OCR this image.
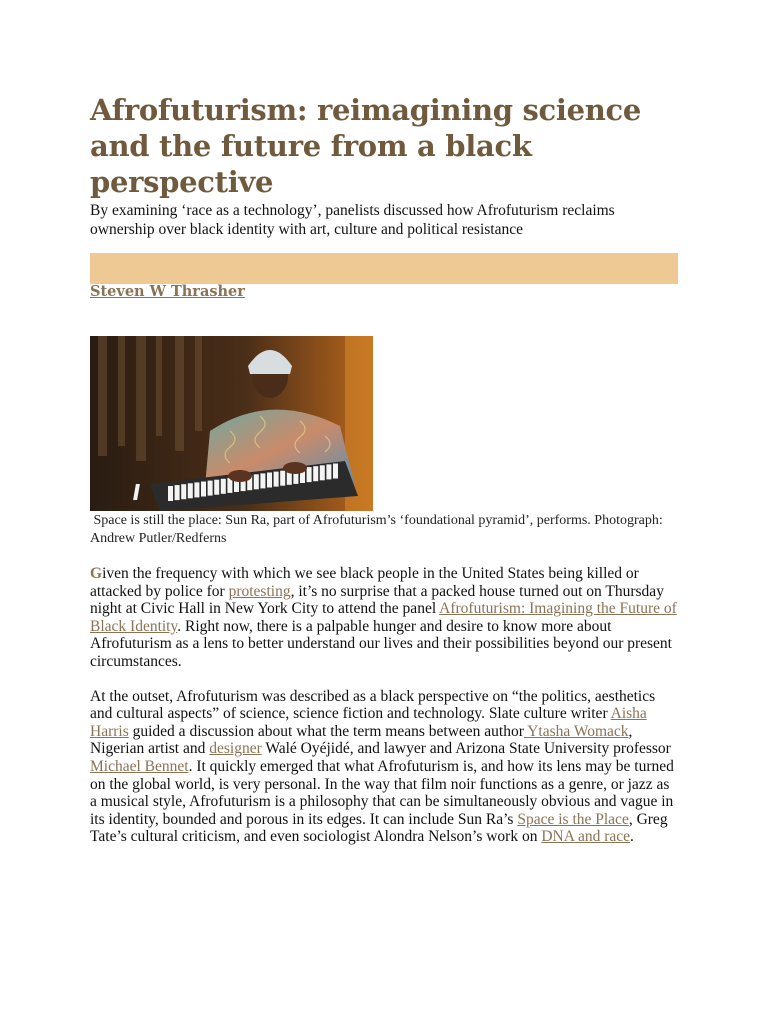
Afrofuturism: reimagining science and the future from a black perspective
By examining ‘race as a technology’, panelists discussed how Afrofuturism reclaims ownership over black identity with art, culture and political resistance
Steven W Thrasher
Space is still the place: Sun Ra, part of Afrofuturism’s ‘foundational pyramid’, performs. Photograph: Andrew Putler/Redferns

Given the frequency with which we see black people in the United States being killed or attacked by police for protesting, it’s no surprise that a packed house turned out on Thursday night at Civic Hall in New York City to attend the panel Afrofuturism: Imagining the Future of Black Identity. Right now, there is a palpable hunger and desire to know more about Afrofuturism as a lens to better understand our lives and their possibilities beyond our present circumstances.

At the outset, Afrofuturism was described as a black perspective on “the politics, aesthetics and cultural aspects” of science, science fiction and technology. Slate culture writer Aisha Harris guided a discussion about what the term means between author Ytasha Womack, Nigerian artist and designer Walé Oyéjidé, and lawyer and Arizona State University professor Michael Bennet. It quickly emerged that what Afrofuturism is, and how its lens may be turned on the global world, is very personal. In the way that film noir functions as a genre, or jazz as a musical style, Afrofuturism is a philosophy that can be simultaneously obvious and vague in its identity, bounded and porous in its edges. It can include Sun Ra’s Space is the Place, Greg Tate’s cultural criticism, and even sociologist Alondra Nelson’s work on DNA and race.
